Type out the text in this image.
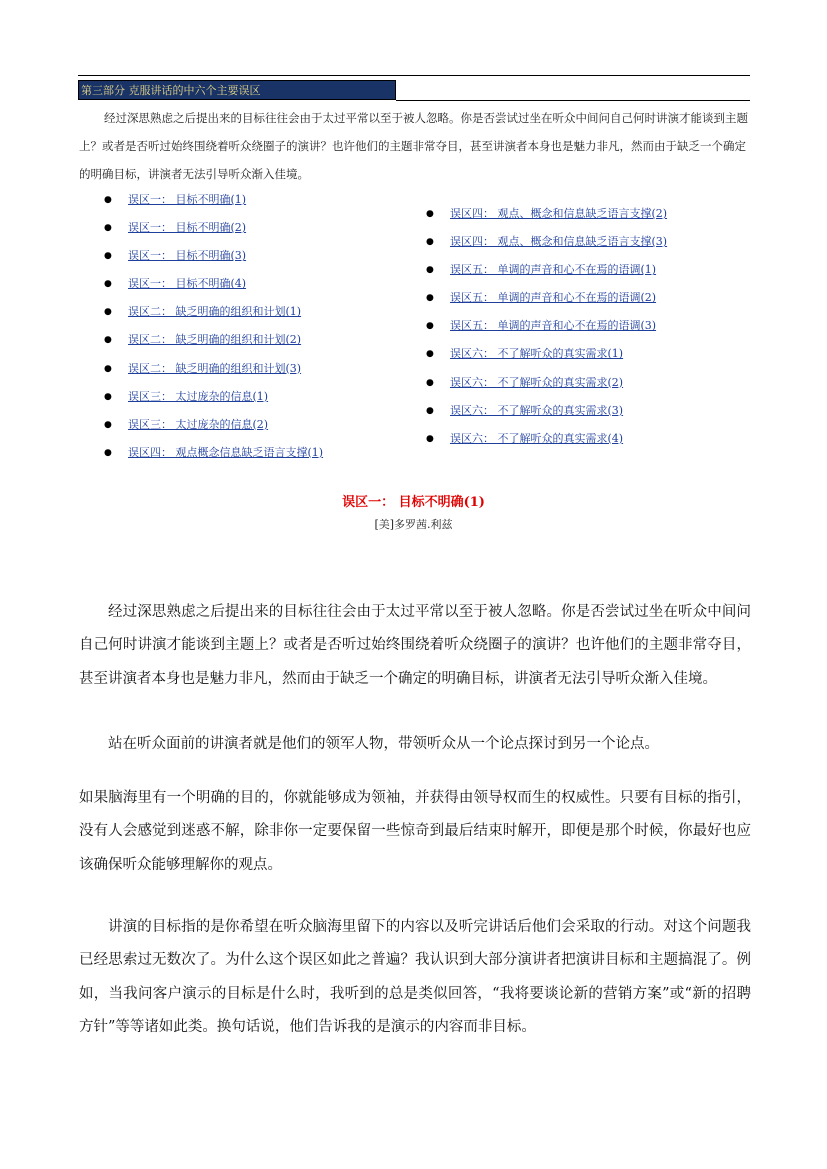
第三部分 克服讲话的中六个主要误区

经过深思熟虑之后提出来的目标往往会由于太过平常以至于被人忽略。你是否尝试过坐在听众中间问自己何时讲演才能谈到主题上？或者是否听过始终围绕着听众绕圈子的演讲？也许他们的主题非常夺目，甚至讲演者本身也是魅力非凡，然而由于缺乏一个确定的明确目标，讲演者无法引导听众渐入佳境。

● 误区一： 目标不明确(1)
● 误区一： 目标不明确(2)
● 误区一： 目标不明确(3)
● 误区一： 目标不明确(4)
● 误区二： 缺乏明确的组织和计划(1)
● 误区二： 缺乏明确的组织和计划(2)
● 误区二： 缺乏明确的组织和计划(3)
● 误区三： 太过庞杂的信息(1)
● 误区三： 太过庞杂的信息(2)
● 误区四： 观点概念信息缺乏语言支撑(1)
● 误区四： 观点、概念和信息缺乏语言支撑(2)
● 误区四： 观点、概念和信息缺乏语言支撑(3)
● 误区五： 单调的声音和心不在焉的语调(1)
● 误区五： 单调的声音和心不在焉的语调(2)
● 误区五： 单调的声音和心不在焉的语调(3)
● 误区六： 不了解听众的真实需求(1)
● 误区六： 不了解听众的真实需求(2)
● 误区六： 不了解听众的真实需求(3)
● 误区六： 不了解听众的真实需求(4)
误区一： 目标不明确(1)
[美]多罗茜.利兹

经过深思熟虑之后提出来的目标往往会由于太过平常以至于被人忽略。你是否尝试过坐在听众中间问自己何时讲演才能谈到主题上？或者是否听过始终围绕着听众绕圈子的演讲？也许他们的主题非常夺目，甚至讲演者本身也是魅力非凡，然而由于缺乏一个确定的明确目标，讲演者无法引导听众渐入佳境。

站在听众面前的讲演者就是他们的领军人物，带领听众从一个论点探讨到另一个论点。

如果脑海里有一个明确的目的，你就能够成为领袖，并获得由领导权而生的权威性。只要有目标的指引，没有人会感觉到迷惑不解，除非你一定要保留一些惊奇到最后结束时解开，即便是那个时候，你最好也应该确保听众能够理解你的观点。

讲演的目标指的是你希望在听众脑海里留下的内容以及听完讲话后他们会采取的行动。对这个问题我已经思索过无数次了。为什么这个误区如此之普遍？我认识到大部分演讲者把演讲目标和主题搞混了。例如，当我问客户演示的目标是什么时，我听到的总是类似回答，“我将要谈论新的营销方案”或“新的招聘方针”等等诸如此类。换句话说，他们告诉我的是演示的内容而非目标。
